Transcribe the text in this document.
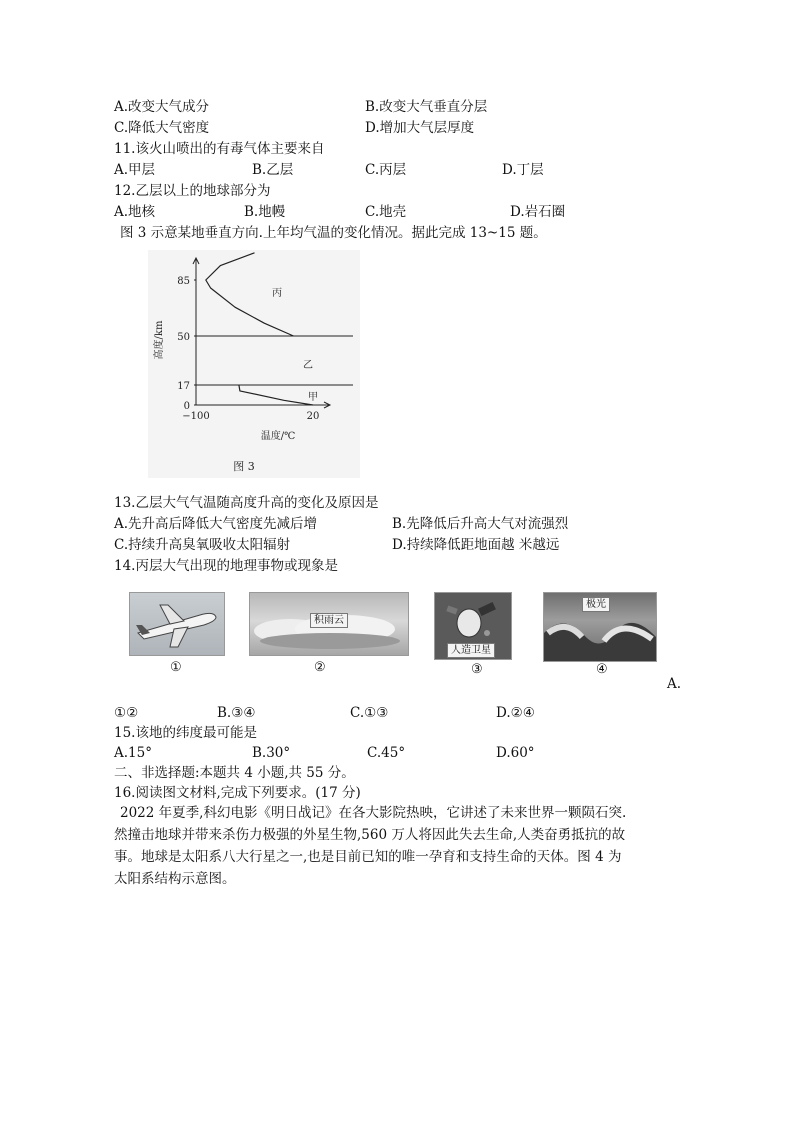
A.改变大气成分	B.改变大气垂直分层
C.降低大气密度	D.增加大气层厚度
11.该火山喷出的有毒气体主要来自
A.甲层	B.乙层	C.丙层	D.丁层
12.乙层以上的地球部分为
A.地核	B.地幔	C.地壳	D.岩石圈
图 3 示意某地垂直方向.上年均气温的变化情况。据此完成 13~15 题。
0
17
50
85
−100	20
温度/℃
高度/km
甲
乙
丙
图 3
13.乙层大气气温随高度升高的变化及原因是
A.先升高后降低大气密度先减后增	B.先降低后升高大气对流强烈
C.持续升高臭氧吸收太阳辐射	D.持续降低距地面越 米越远
14.丙层大气出现的地理事物或现象是
①
积雨云
②
人造卫星
③
极光
④
A.
①②	B.③④	C.①③	D.②④
15.该地的纬度最可能是
A.15°	B.30°	C.45°	D.60°
二、非选择题:本题共 4 小题,共 55 分。
16.阅读图文材料,完成下列要求。(17 分)
2022 年夏季,科幻电影《明日战记》在各大影院热映，它讲述了未来世界一颗陨石突.
然撞击地球并带来杀伤力极强的外星生物,560 万人将因此失去生命,人类奋勇抵抗的故
事。地球是太阳系八大行星之一,也是目前已知的唯一孕育和支持生命的天体。图 4 为
太阳系结构示意图。
